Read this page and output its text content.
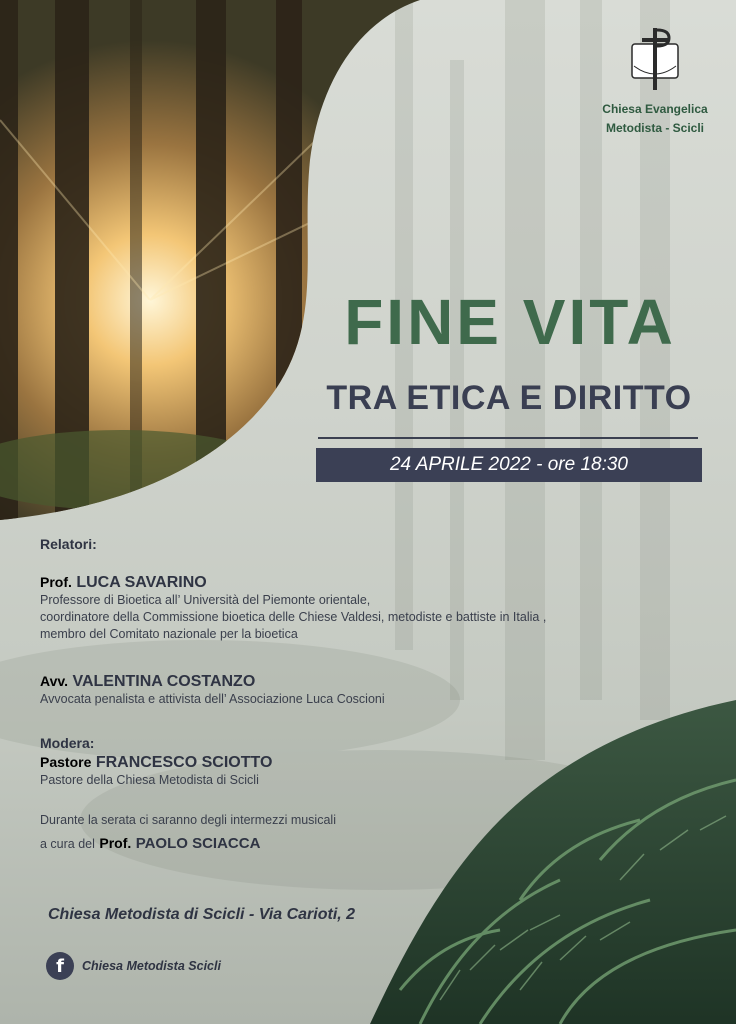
Chiesa Evangelica
Metodista - Scicli
FINE VITA
TRA ETICA E DIRITTO
24 APRILE 2022 - ore 18:30
Relatori:
Prof. LUCA SAVARINO
Professore di Bioetica all’ Università del Piemonte orientale,
coordinatore della Commissione bioetica delle Chiese Valdesi, metodiste e battiste in Italia ,
membro del Comitato nazionale per la bioetica
Avv. VALENTINA COSTANZO
Avvocata penalista e attivista dell’ Associazione Luca Coscioni
Modera:
Pastore FRANCESCO SCIOTTO
Pastore della Chiesa Metodista di Scicli
Durante la serata ci saranno degli intermezzi musicali
a cura del Prof. PAOLO SCIACCA
Chiesa Metodista di Scicli - Via Carioti, 2
f	Chiesa Metodista Scicli
